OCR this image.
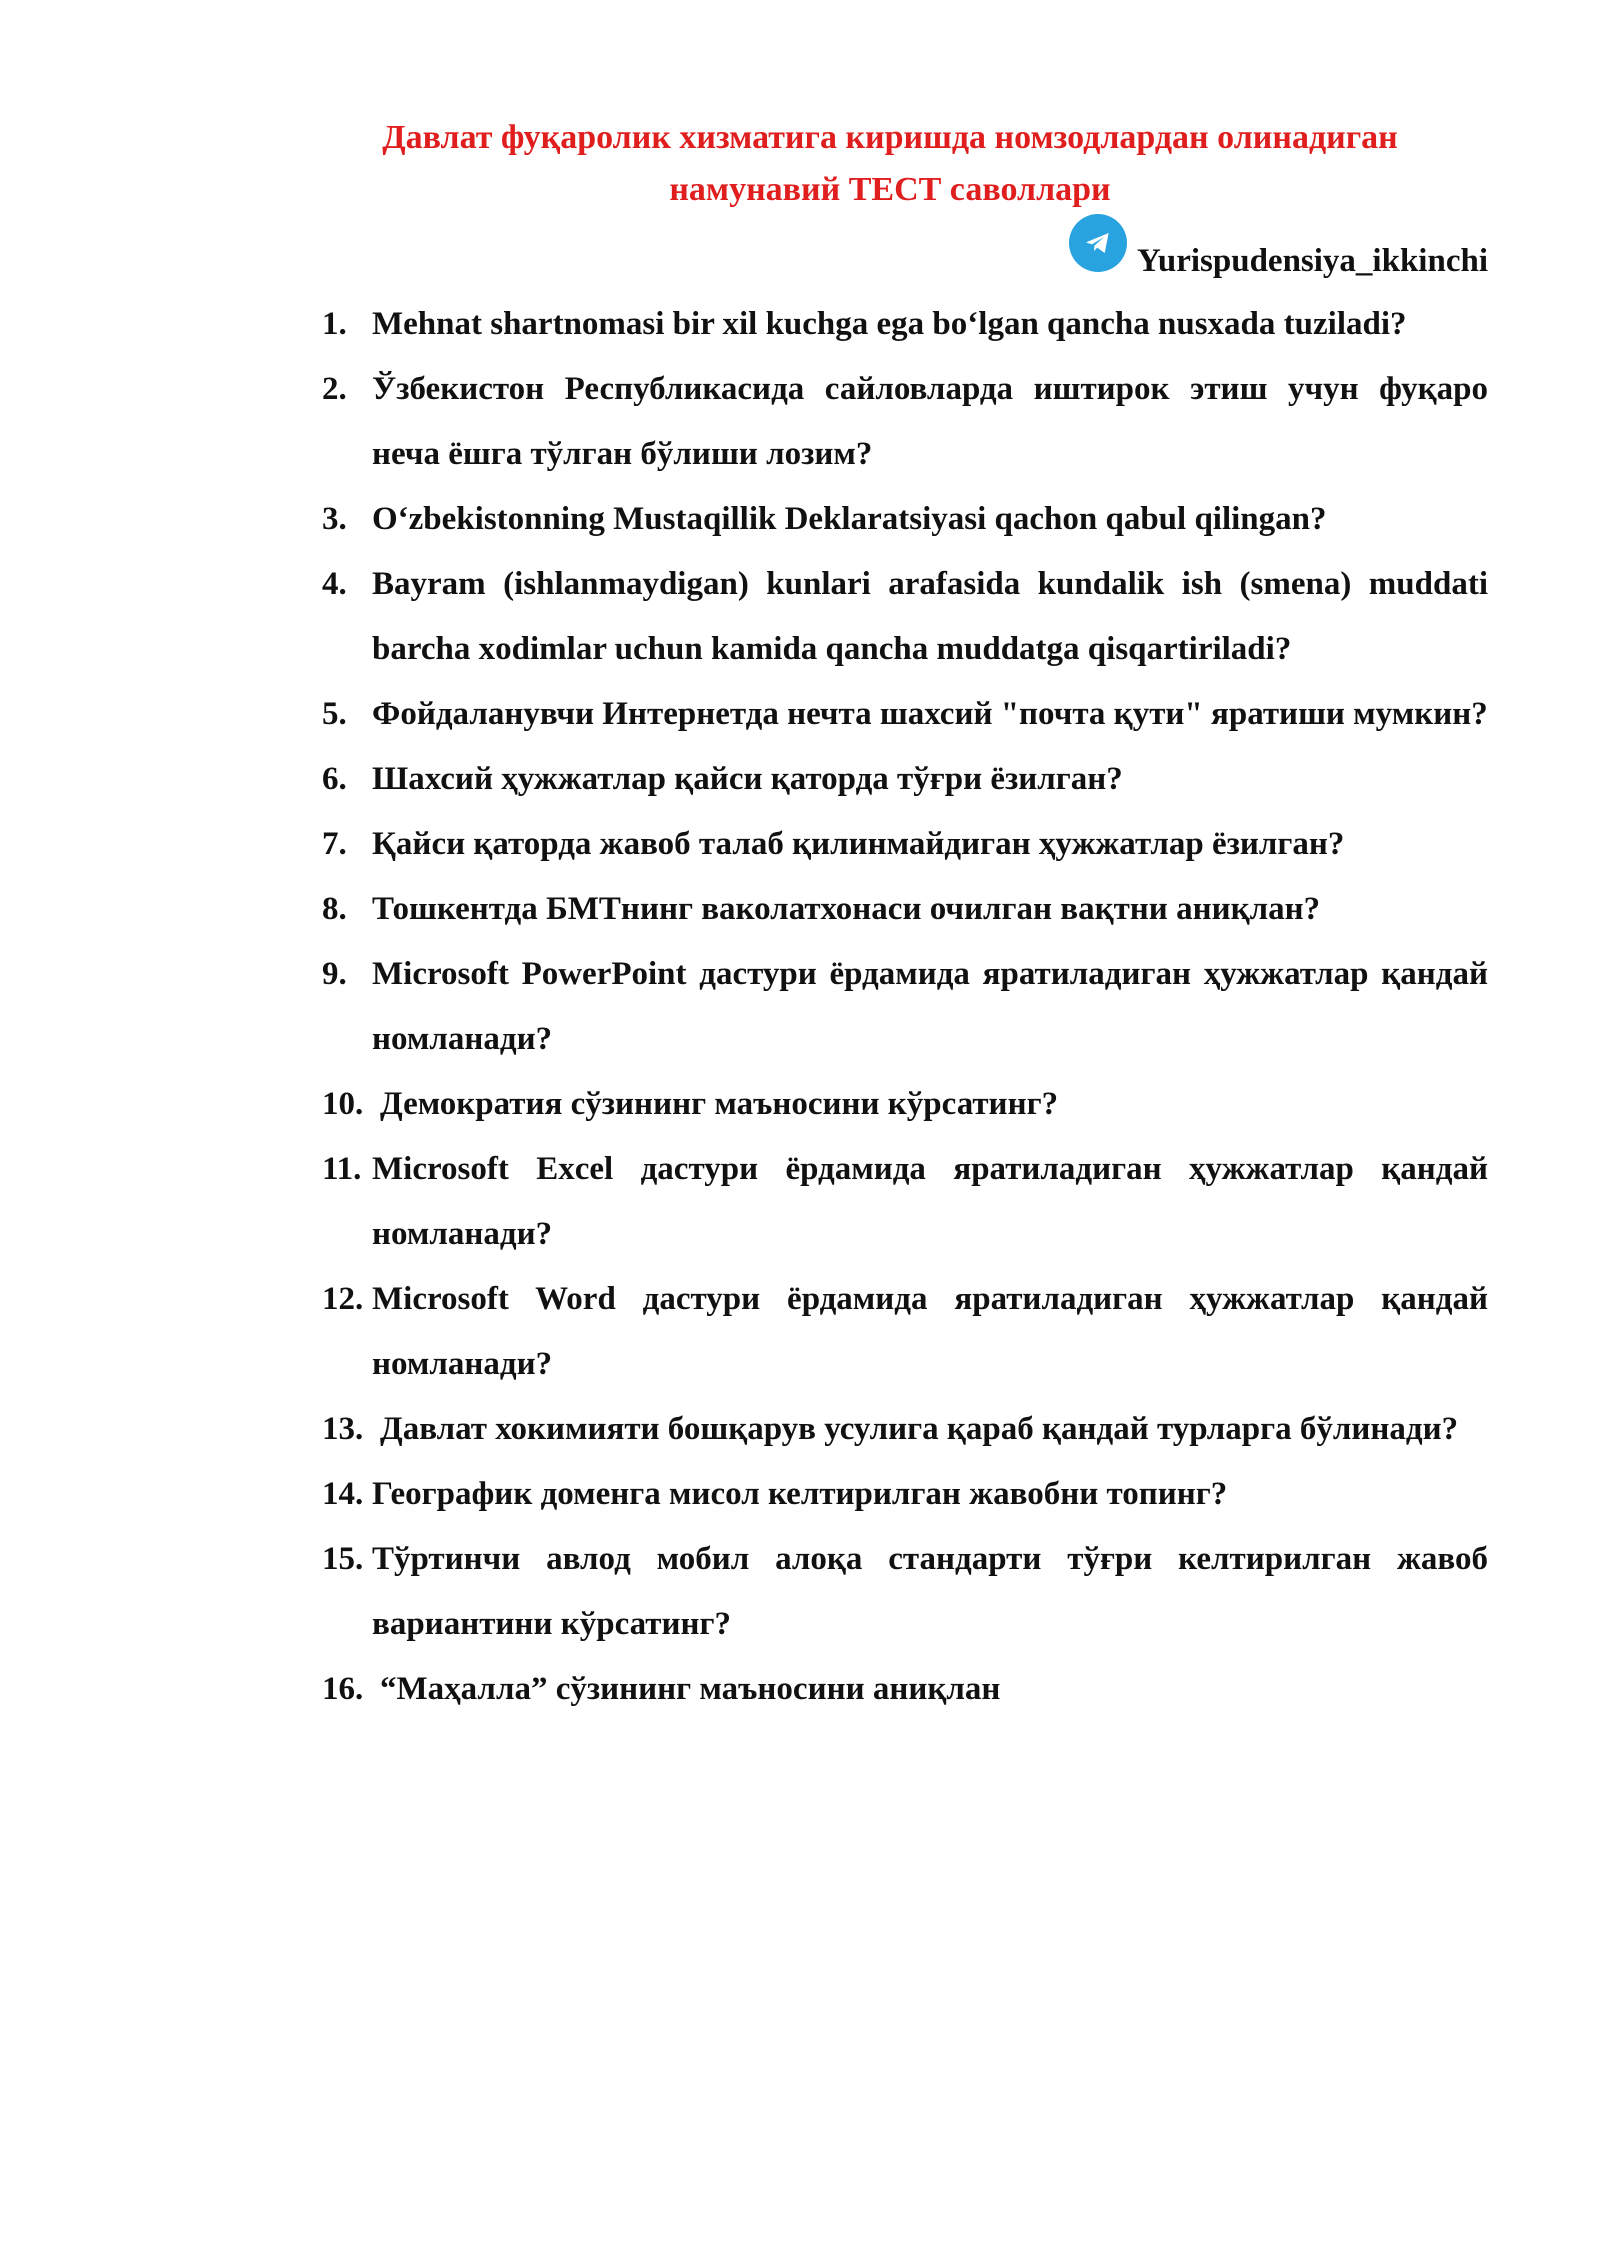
Давлат фуқаролик хизматига киришда номзодлардан олинадиган
намунавий ТЕСТ саволлари
Yurispudensiya_ikkinchi
1. Mehnat shartnomasi bir xil kuchga ega bo‘lgan qancha nusxada tuziladi?
2. Ўзбекистон Республикасида сайловларда иштирок этиш учун фуқаро неча ёшга тўлган бўлиши лозим?
3. O‘zbekistonning Mustaqillik Deklaratsiyasi qachon qabul qilingan?
4. Bayram (ishlanmaydigan) kunlari arafasida kundalik ish (smena) muddati barcha xodimlar uchun kamida qancha muddatga qisqartiriladi?
5. Фойдаланувчи Интернетда нечта шахсий "почта қути" яратиши мумкин?
6. Шахсий ҳужжатлар қайси қаторда тўғри ёзилган?
7. Қайси қаторда жавоб талаб қилинмайдиган ҳужжатлар ёзилган?
8. Тошкентда БМТнинг ваколатхонаси очилган вақтни аниқлан?
9. Microsoft PowerPoint дастури ёрдамида яратиладиган ҳужжатлар қандай номланади?
10. Демократия сўзининг маъносини кўрсатинг?
11. Microsoft Excel дастури ёрдамида яратиладиган ҳужжатлар қандай номланади?
12. Microsoft Word дастури ёрдамида яратиладиган ҳужжатлар қандай номланади?
13. Давлат хокимияти бошқарув усулига қараб қандай турларга бўлинади?
14. Географик доменга мисол келтирилган жавобни топинг?
15. Тўртинчи авлод мобил алоқа стандарти тўғри келтирилган жавоб вариантини кўрсатинг?
16. “Маҳалла” сўзининг маъносини аниқлан
